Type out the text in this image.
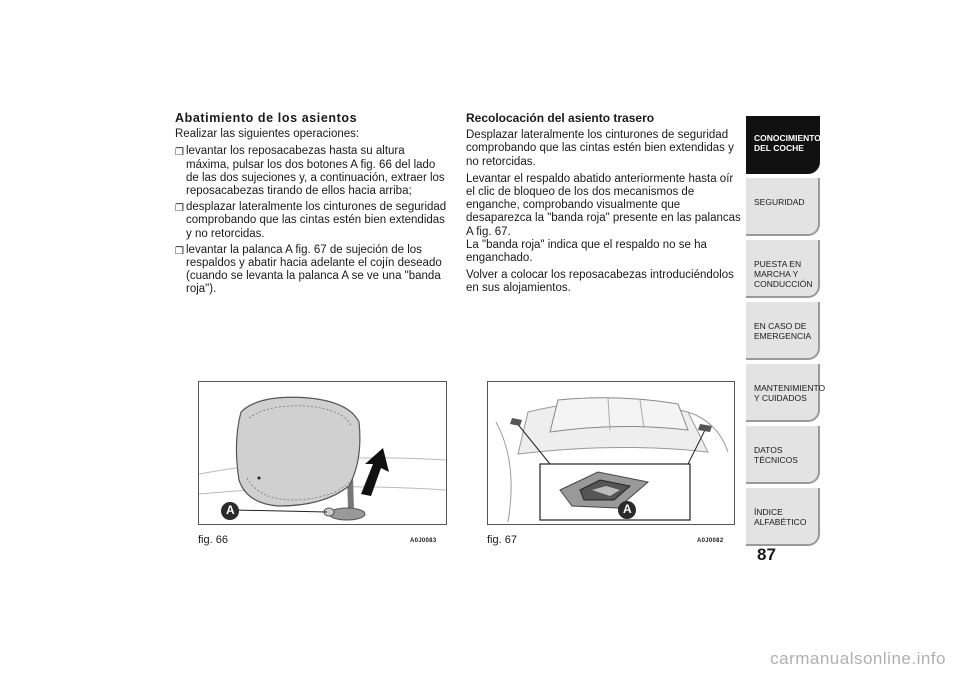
Abatimiento de los asientos

Realizar las siguientes operaciones:

❒ levantar los reposacabezas hasta su altura máxima, pulsar los dos botones A fig. 66 del lado de las dos sujeciones y, a continuación, extraer los reposacabezas tirando de ellos hacia arriba;
❒ desplazar lateralmente los cinturones de seguridad comprobando que las cintas estén bien extendidas y no retorcidas.
❒ levantar la palanca A fig. 67 de sujeción de los respaldos y abatir hacia adelante el cojín deseado (cuando se levanta la palanca A se ve una "banda roja").
Recolocación del asiento trasero

Desplazar lateralmente los cinturones de seguridad comprobando que las cintas estén bien extendidas y no retorcidas.

Levantar el respaldo abatido anteriormente hasta oír el clic de bloqueo de los dos mecanismos de enganche, comprobando visualmente que desaparezca la "banda roja" presente en las palancas A fig. 67.

La "banda roja" indica que el respaldo no se ha enganchado.

Volver a colocar los reposacabezas introduciéndolos en sus alojamientos.

A
fig. 66	A0J0083
A
fig. 67	A0J0082
CONOCIMIENTO DEL COCHE
SEGURIDAD
PUESTA EN MARCHA Y CONDUCCIÓN
EN CASO DE EMERGENCIA
MANTENIMIENTO Y CUIDADOS
DATOS TÉCNICOS
ÍNDICE ALFABÉTICO
87
carmanualsonline.info
